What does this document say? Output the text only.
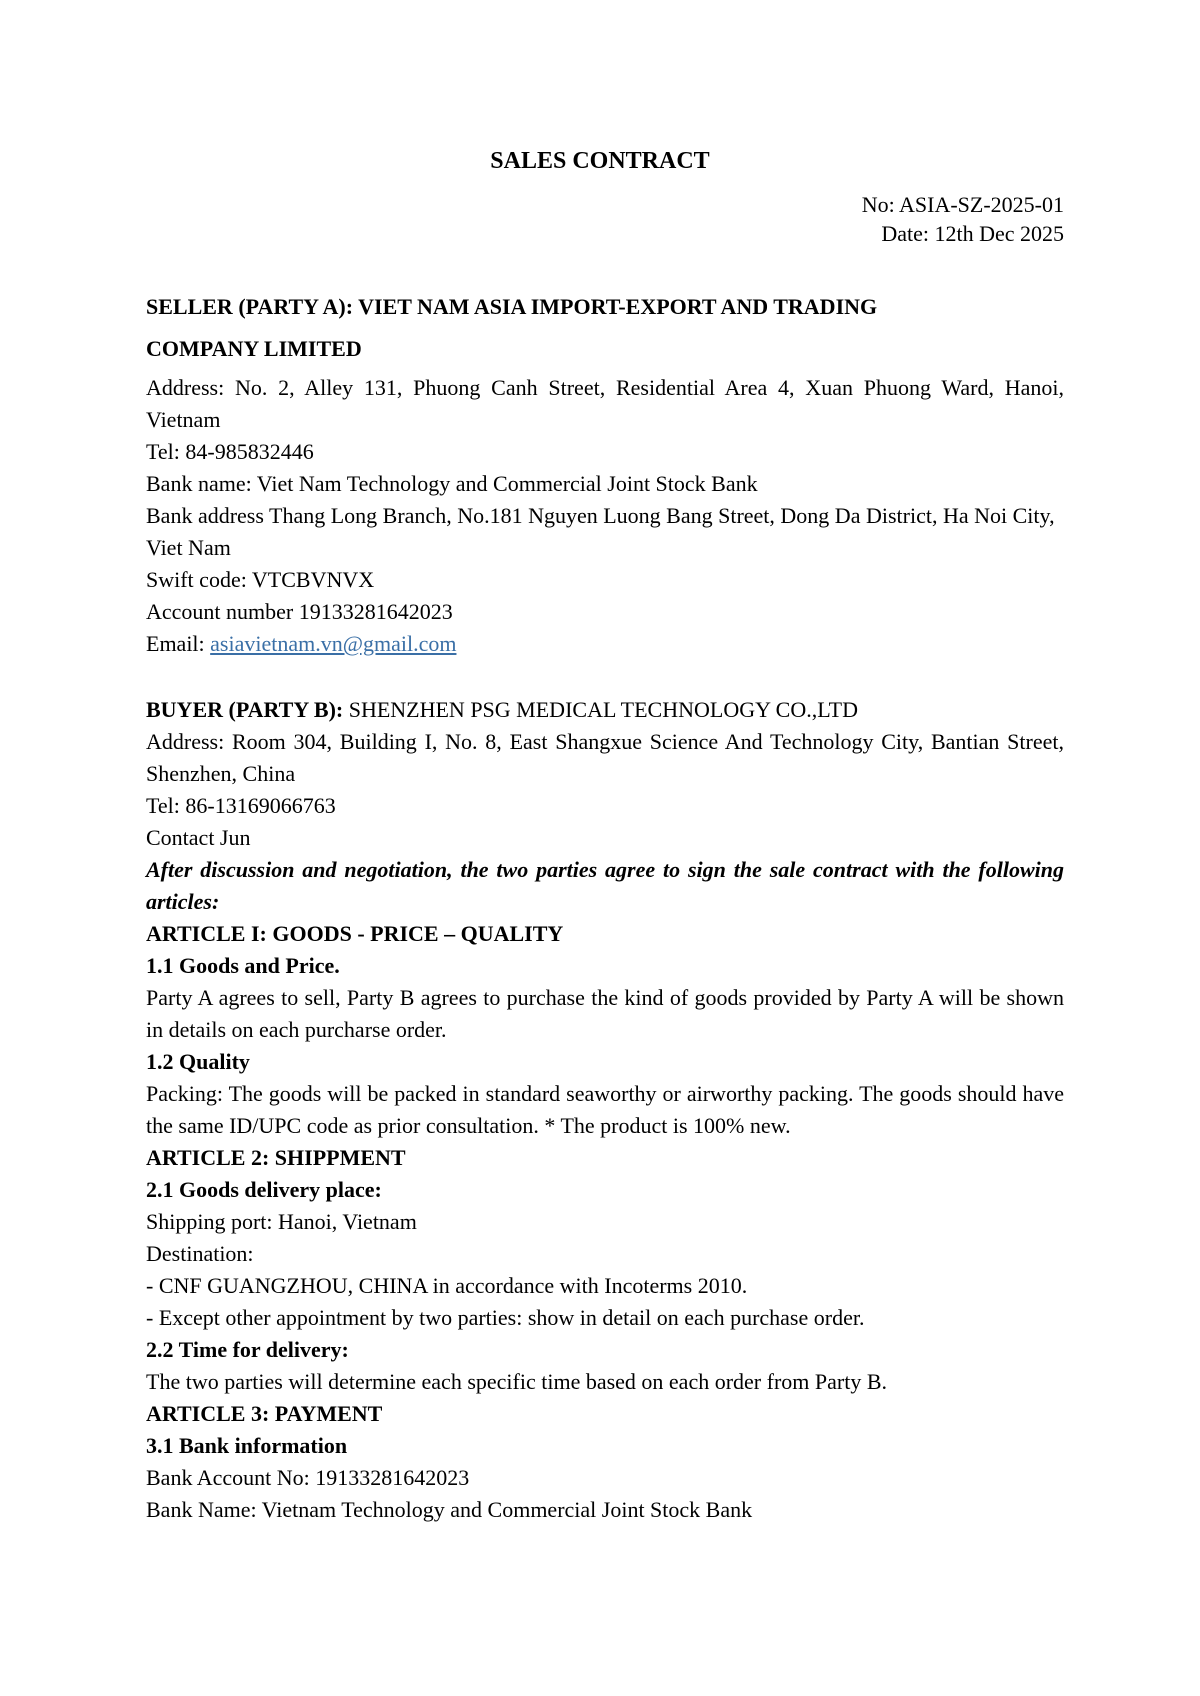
SALES CONTRACT
No: ASIA-SZ-2025-01
Date: 12th Dec 2025
SELLER (PARTY A): VIET NAM ASIA IMPORT-EXPORT AND TRADING
COMPANY LIMITED
Address: No. 2, Alley 131, Phuong Canh Street, Residential Area 4, Xuan Phuong Ward, Hanoi, Vietnam
Tel: 84-985832446
Bank name: Viet Nam Technology and Commercial Joint Stock Bank
Bank address Thang Long Branch, No.181 Nguyen Luong Bang Street, Dong Da District, Ha Noi City, Viet Nam
Swift code: VTCBVNVX
Account number 19133281642023
Email: asiavietnam.vn@gmail.com
BUYER (PARTY B): SHENZHEN PSG MEDICAL TECHNOLOGY CO.,LTD
Address: Room 304, Building I, No. 8, East Shangxue Science And Technology City, Bantian Street, Shenzhen, China
Tel: 86-13169066763
Contact Jun
After discussion and negotiation, the two parties agree to sign the sale contract with the following articles:
ARTICLE I: GOODS - PRICE – QUALITY
1.1 Goods and Price.
Party A agrees to sell, Party B agrees to purchase the kind of goods provided by Party A will be shown in details on each purcharse order.
1.2 Quality
Packing: The goods will be packed in standard seaworthy or airworthy packing. The goods should have the same ID/UPC code as prior consultation. * The product is 100% new.
ARTICLE 2: SHIPPMENT
2.1 Goods delivery place:
Shipping port: Hanoi, Vietnam
Destination:
- CNF GUANGZHOU, CHINA in accordance with Incoterms 2010.
- Except other appointment by two parties: show in detail on each purchase order.
2.2 Time for delivery:
The two parties will determine each specific time based on each order from Party B.
ARTICLE 3: PAYMENT
3.1 Bank information
Bank Account No: 19133281642023
Bank Name: Vietnam Technology and Commercial Joint Stock Bank
